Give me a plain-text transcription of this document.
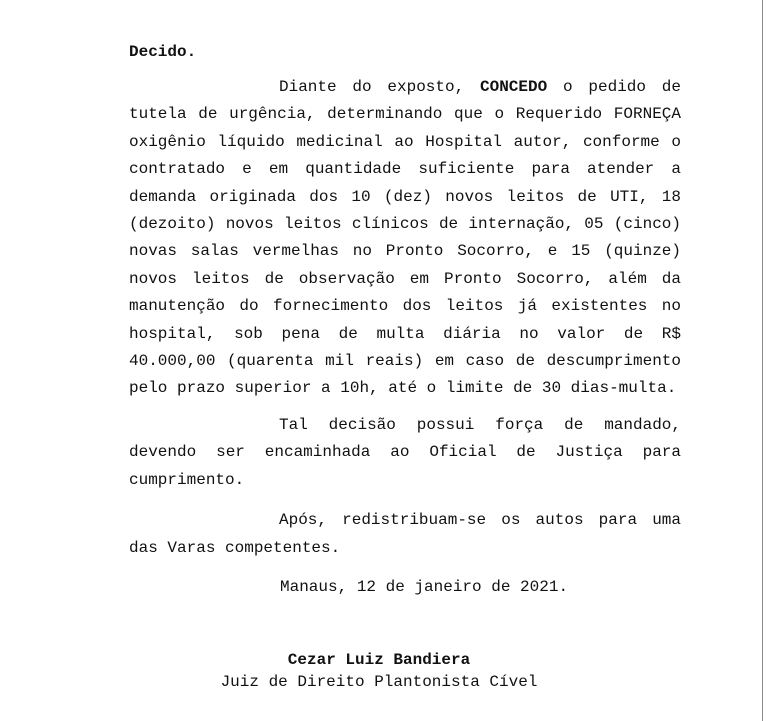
Decido.

Diante do exposto, CONCEDO o pedido de tutela de urgência, determinando que o Requerido FORNEÇA oxigênio líquido medicinal ao Hospital autor, conforme o contratado e em quantidade suficiente para atender a demanda originada dos 10 (dez) novos leitos de UTI, 18 (dezoito) novos leitos clínicos de internação, 05 (cinco) novas salas vermelhas no Pronto Socorro, e 15 (quinze) novos leitos de observação em Pronto Socorro, além da manutenção do fornecimento dos leitos já existentes no hospital, sob pena de multa diária no valor de R$ 40.000,00 (quarenta mil reais) em caso de descumprimento pelo prazo superior a 10h, até o limite de 30 dias-multa.

Tal decisão possui força de mandado, devendo ser encaminhada ao Oficial de Justiça para cumprimento.

Após, redistribuam-se os autos para uma das Varas competentes.

Manaus, 12 de janeiro de 2021.
Cezar Luiz Bandiera
Juiz de Direito Plantonista Cível
